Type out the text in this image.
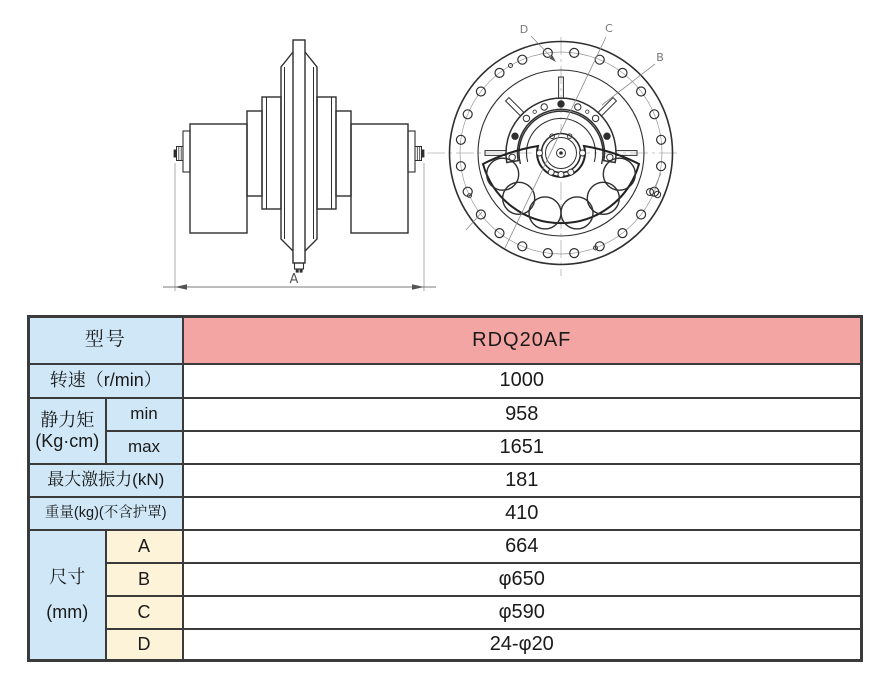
A
D	C
B
型号		RDQ20AF
转速（r/min）		1000

静力矩
(Kg·cm)	min	958
	max	1651
最大激振力(kN)		181
重量(kg)(不含护罩)		410

尺寸
(mm)	A	664
	B	φ650
	C	φ590
	D	24-φ20
